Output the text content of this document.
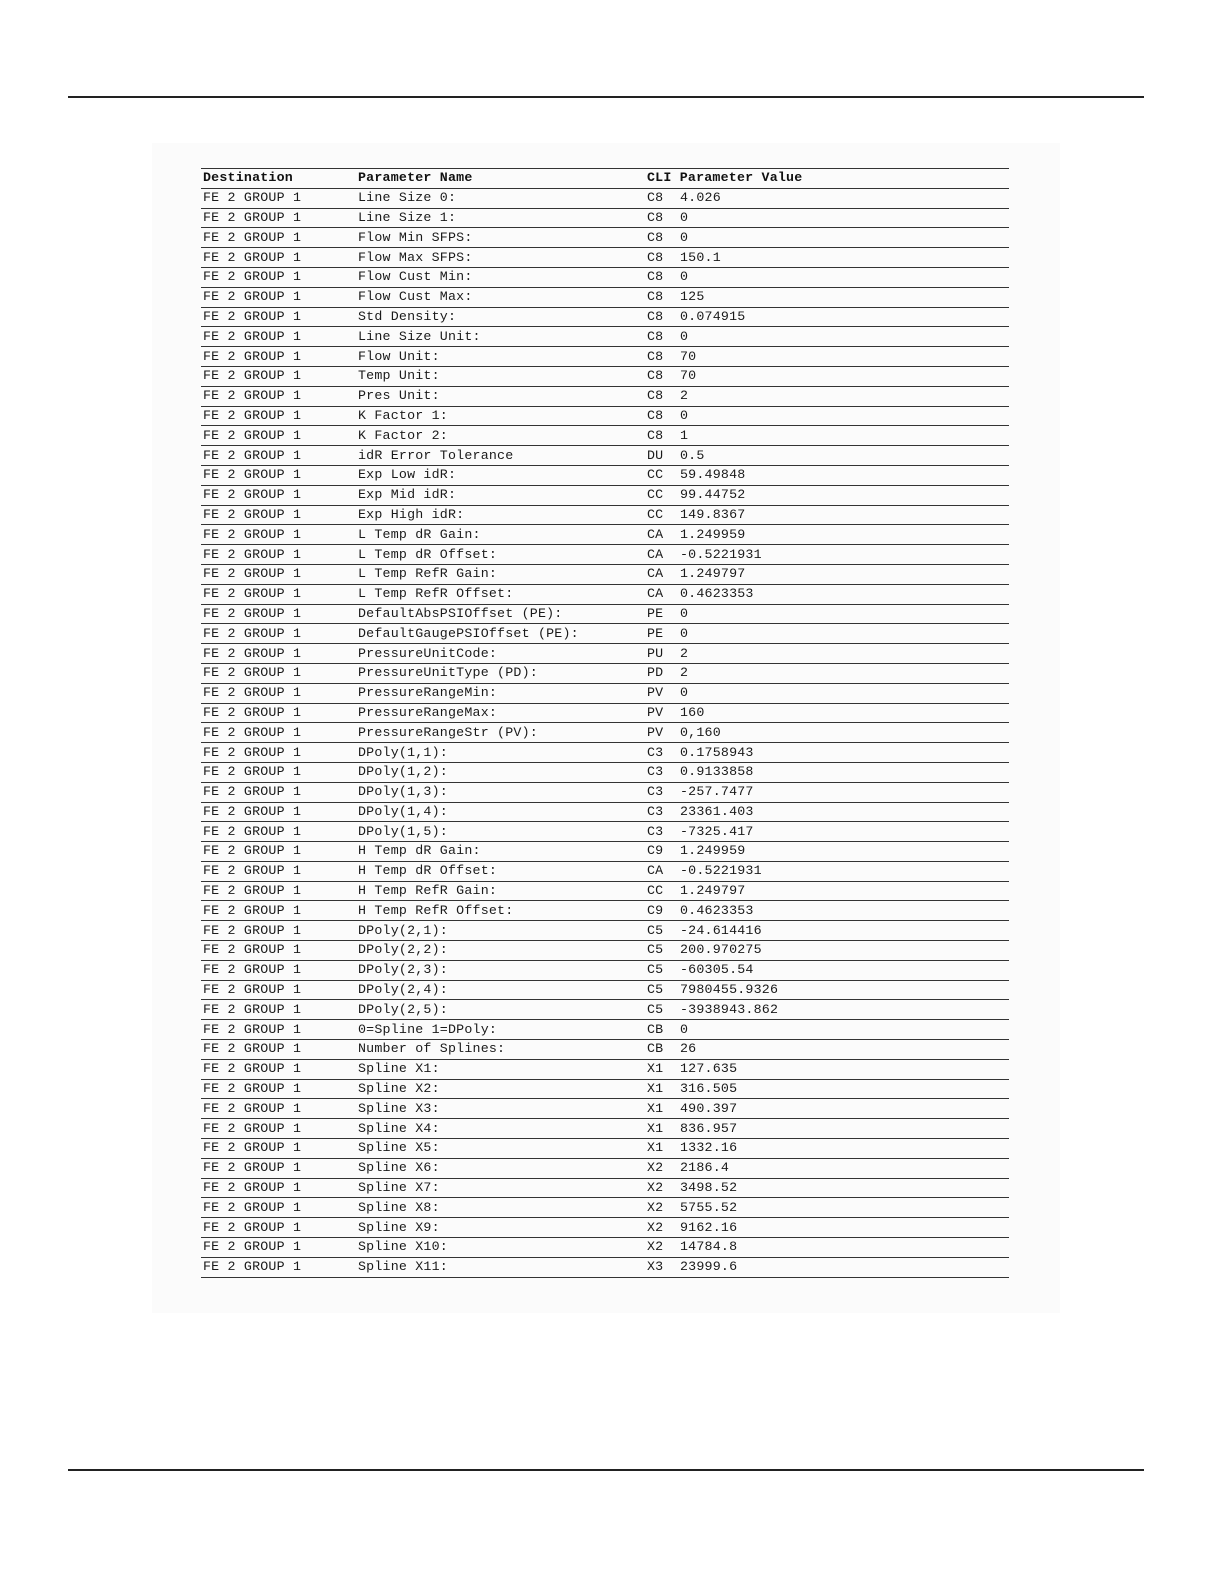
Destination	Parameter Name	CLI Parameter Value	
FE 2 GROUP 1	Line Size 0:	C8	4.026
FE 2 GROUP 1	Line Size 1:	C8	0
FE 2 GROUP 1	Flow Min SFPS:	C8	0
FE 2 GROUP 1	Flow Max SFPS:	C8	150.1
FE 2 GROUP 1	Flow Cust Min:	C8	0
FE 2 GROUP 1	Flow Cust Max:	C8	125
FE 2 GROUP 1	Std Density:	C8	0.074915
FE 2 GROUP 1	Line Size Unit:	C8	0
FE 2 GROUP 1	Flow Unit:	C8	70
FE 2 GROUP 1	Temp Unit:	C8	70
FE 2 GROUP 1	Pres Unit:	C8	2
FE 2 GROUP 1	K Factor 1:	C8	0
FE 2 GROUP 1	K Factor 2:	C8	1
FE 2 GROUP 1	idR Error Tolerance	DU	0.5
FE 2 GROUP 1	Exp Low idR:	CC	59.49848
FE 2 GROUP 1	Exp Mid idR:	CC	99.44752
FE 2 GROUP 1	Exp High idR:	CC	149.8367
FE 2 GROUP 1	L Temp dR Gain:	CA	1.249959
FE 2 GROUP 1	L Temp dR Offset:	CA	-0.5221931
FE 2 GROUP 1	L Temp RefR Gain:	CA	1.249797
FE 2 GROUP 1	L Temp RefR Offset:	CA	0.4623353
FE 2 GROUP 1	DefaultAbsPSIOffset (PE):	PE	0
FE 2 GROUP 1	DefaultGaugePSIOffset (PE):	PE	0
FE 2 GROUP 1	PressureUnitCode:	PU	2
FE 2 GROUP 1	PressureUnitType (PD):	PD	2
FE 2 GROUP 1	PressureRangeMin:	PV	0
FE 2 GROUP 1	PressureRangeMax:	PV	160
FE 2 GROUP 1	PressureRangeStr (PV):	PV	0,160
FE 2 GROUP 1	DPoly(1,1):	C3	0.1758943
FE 2 GROUP 1	DPoly(1,2):	C3	0.9133858
FE 2 GROUP 1	DPoly(1,3):	C3	-257.7477
FE 2 GROUP 1	DPoly(1,4):	C3	23361.403
FE 2 GROUP 1	DPoly(1,5):	C3	-7325.417
FE 2 GROUP 1	H Temp dR Gain:	C9	1.249959
FE 2 GROUP 1	H Temp dR Offset:	CA	-0.5221931
FE 2 GROUP 1	H Temp RefR Gain:	CC	1.249797
FE 2 GROUP 1	H Temp RefR Offset:	C9	0.4623353
FE 2 GROUP 1	DPoly(2,1):	C5	-24.614416
FE 2 GROUP 1	DPoly(2,2):	C5	200.970275
FE 2 GROUP 1	DPoly(2,3):	C5	-60305.54
FE 2 GROUP 1	DPoly(2,4):	C5	7980455.9326
FE 2 GROUP 1	DPoly(2,5):	C5	-3938943.862
FE 2 GROUP 1	0=Spline 1=DPoly:	CB	0
FE 2 GROUP 1	Number of Splines:	CB	26
FE 2 GROUP 1	Spline X1:	X1	127.635
FE 2 GROUP 1	Spline X2:	X1	316.505
FE 2 GROUP 1	Spline X3:	X1	490.397
FE 2 GROUP 1	Spline X4:	X1	836.957
FE 2 GROUP 1	Spline X5:	X1	1332.16
FE 2 GROUP 1	Spline X6:	X2	2186.4
FE 2 GROUP 1	Spline X7:	X2	3498.52
FE 2 GROUP 1	Spline X8:	X2	5755.52
FE 2 GROUP 1	Spline X9:	X2	9162.16
FE 2 GROUP 1	Spline X10:	X2	14784.8
FE 2 GROUP 1	Spline X11:	X3	23999.6
